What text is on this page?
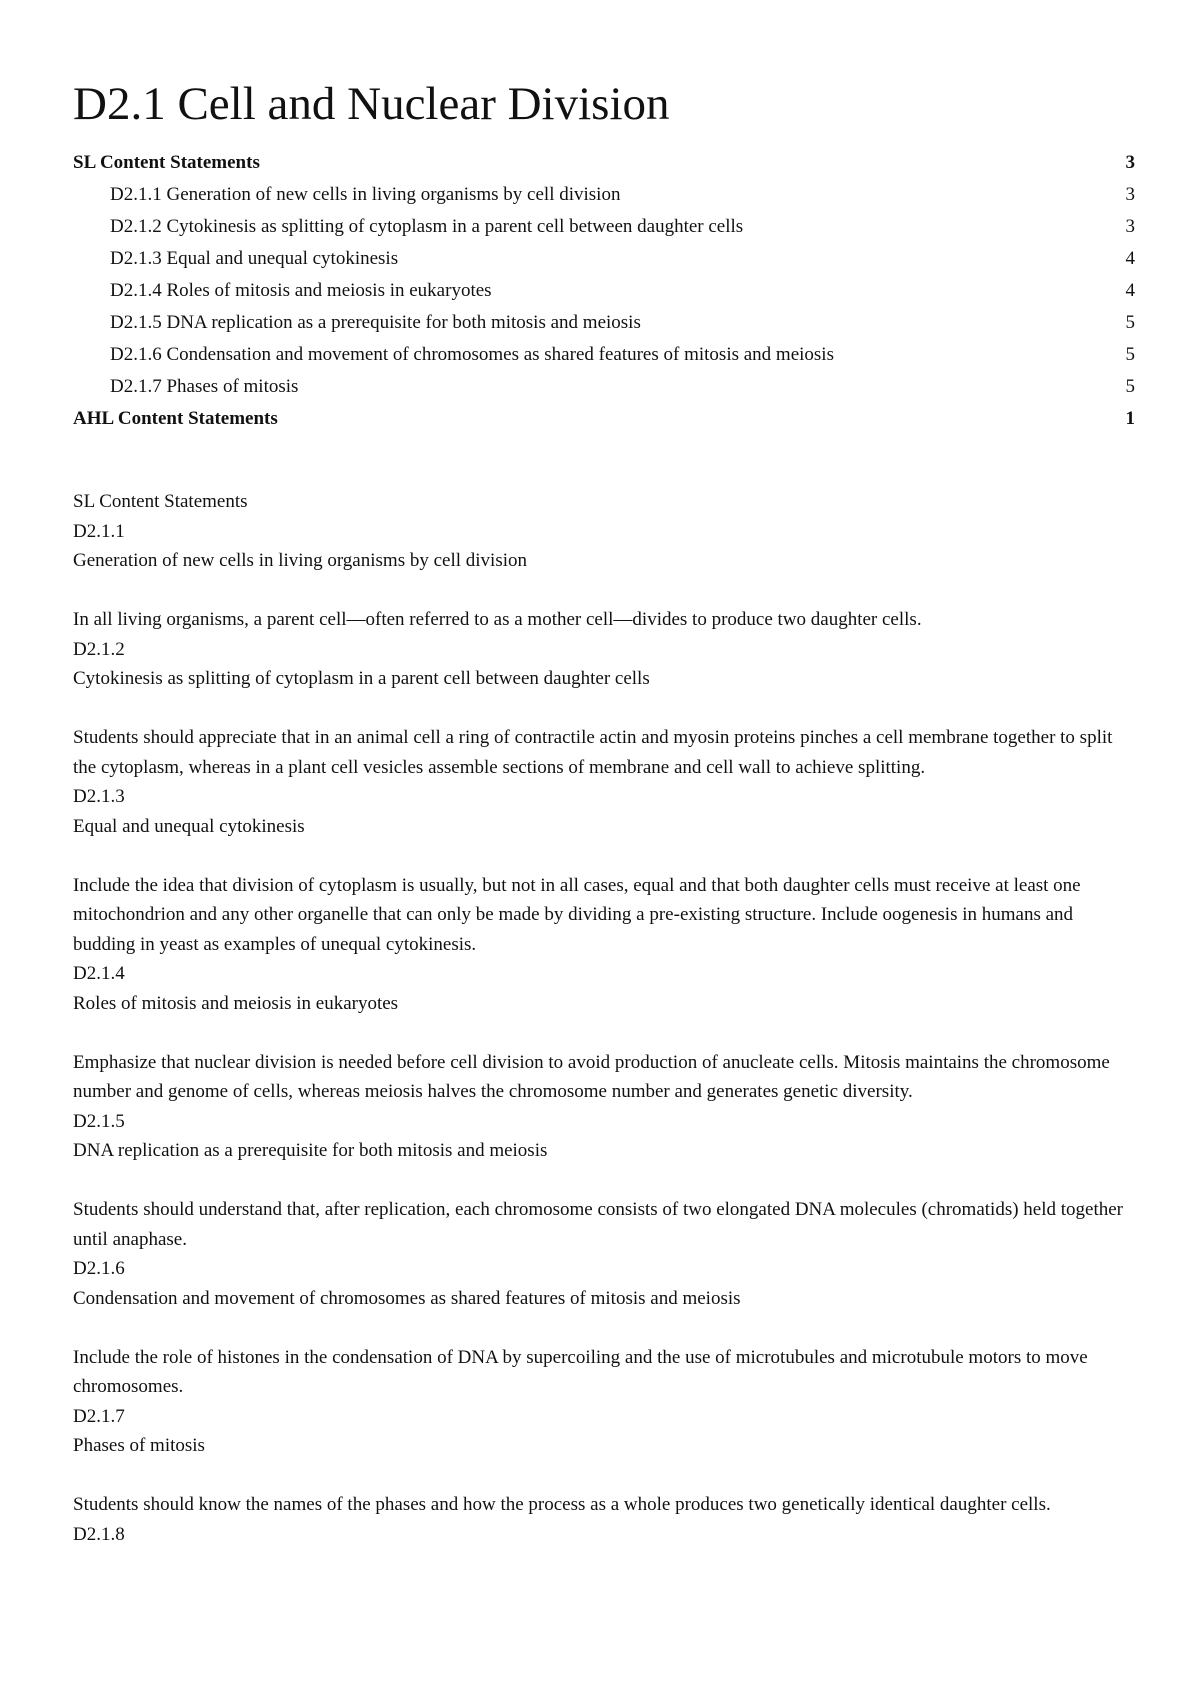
D2.1 Cell and Nuclear Division
SL Content Statements	3
D2.1.1 Generation of new cells in living organisms by cell division	3
D2.1.2 Cytokinesis as splitting of cytoplasm in a parent cell between daughter cells	3
D2.1.3 Equal and unequal cytokinesis	4
D2.1.4 Roles of mitosis and meiosis in eukaryotes	4
D2.1.5 DNA replication as a prerequisite for both mitosis and meiosis	5
D2.1.6 Condensation and movement of chromosomes as shared features of mitosis and meiosis	5
D2.1.7 Phases of mitosis	5
AHL Content Statements	1

SL Content Statements

D2.1.1

Generation of new cells in living organisms by cell division

In all living organisms, a parent cell—often referred to as a mother cell—divides to produce two daughter cells.

D2.1.2

Cytokinesis as splitting of cytoplasm in a parent cell between daughter cells

Students should appreciate that in an animal cell a ring of contractile actin and myosin proteins pinches a cell membrane together to split the cytoplasm, whereas in a plant cell vesicles assemble sections of membrane and cell wall to achieve splitting.

D2.1.3

Equal and unequal cytokinesis

Include the idea that division of cytoplasm is usually, but not in all cases, equal and that both daughter cells must receive at least one mitochondrion and any other organelle that can only be made by dividing a pre-existing structure. Include oogenesis in humans and budding in yeast as examples of unequal cytokinesis.

D2.1.4

Roles of mitosis and meiosis in eukaryotes

Emphasize that nuclear division is needed before cell division to avoid production of anucleate cells. Mitosis maintains the chromosome number and genome of cells, whereas meiosis halves the chromosome number and generates genetic diversity.

D2.1.5

DNA replication as a prerequisite for both mitosis and meiosis

Students should understand that, after replication, each chromosome consists of two elongated DNA molecules (chromatids) held together until anaphase.

D2.1.6

Condensation and movement of chromosomes as shared features of mitosis and meiosis

Include the role of histones in the condensation of DNA by supercoiling and the use of microtubules and microtubule motors to move chromosomes.

D2.1.7

Phases of mitosis

Students should know the names of the phases and how the process as a whole produces two genetically identical daughter cells.

D2.1.8
